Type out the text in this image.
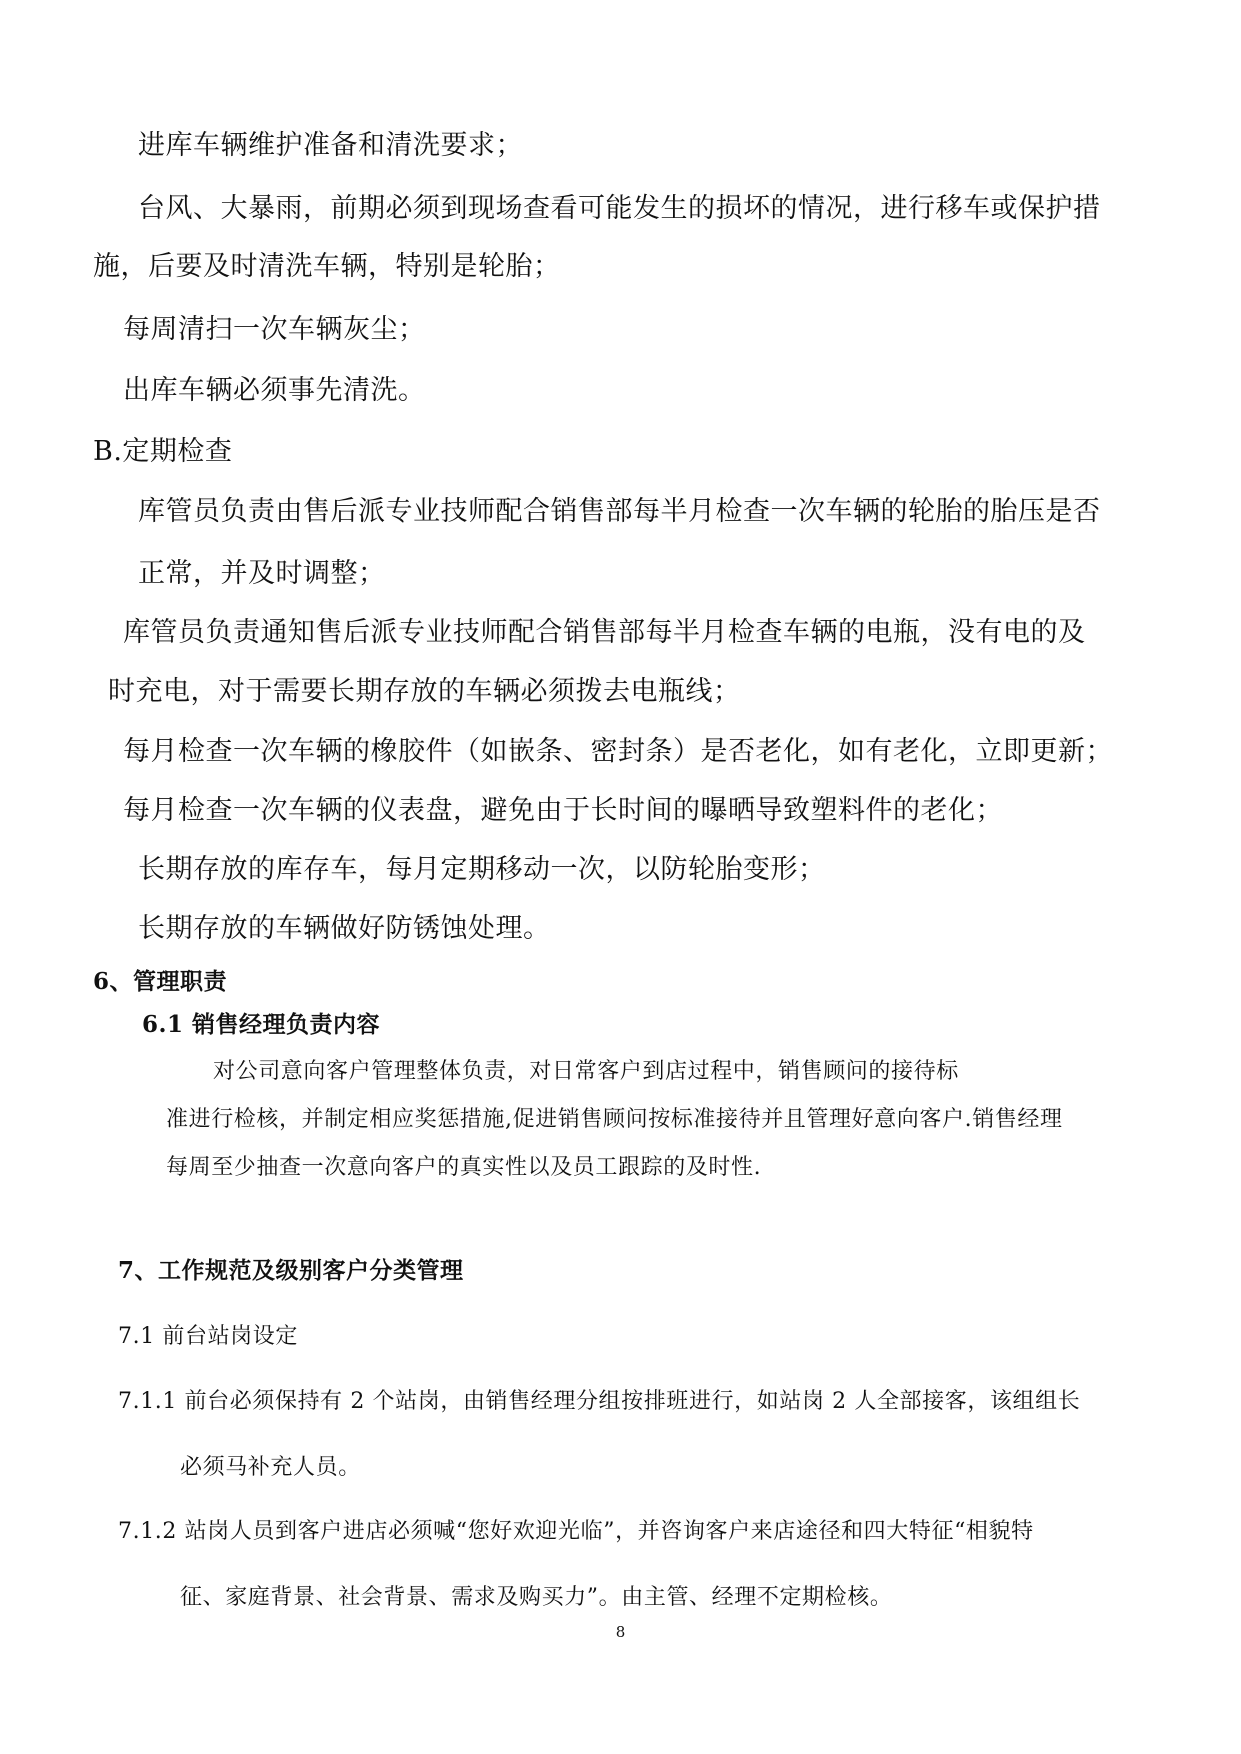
进库车辆维护准备和清洗要求；
台风、大暴雨，前期必须到现场查看可能发生的损坏的情况，进行移车或保护措
施，后要及时清洗车辆，特别是轮胎；
每周清扫一次车辆灰尘；
出库车辆必须事先清洗。
B.定期检查
库管员负责由售后派专业技师配合销售部每半月检查一次车辆的轮胎的胎压是否
正常，并及时调整；
库管员负责通知售后派专业技师配合销售部每半月检查车辆的电瓶，没有电的及
时充电，对于需要长期存放的车辆必须拨去电瓶线；
每月检查一次车辆的橡胶件（如嵌条、密封条）是否老化，如有老化，立即更新；
每月检查一次车辆的仪表盘，避免由于长时间的曝晒导致塑料件的老化；
长期存放的库存车，每月定期移动一次，以防轮胎变形；
长期存放的车辆做好防锈蚀处理。
6、管理职责
6.1 销售经理负责内容
对公司意向客户管理整体负责，对日常客户到店过程中，销售顾问的接待标
准进行检核，并制定相应奖惩措施,促进销售顾问按标准接待并且管理好意向客户.销售经理
每周至少抽查一次意向客户的真实性以及员工跟踪的及时性.
7、工作规范及级别客户分类管理
7.1 前台站岗设定
7.1.1 前台必须保持有 2 个站岗，由销售经理分组按排班进行，如站岗 2 人全部接客，该组组长
必须马补充人员。
7.1.2 站岗人员到客户进店必须喊“您好欢迎光临”，并咨询客户来店途径和四大特征“相貌特
征、家庭背景、社会背景、需求及购买力”。由主管、经理不定期检核。
8
